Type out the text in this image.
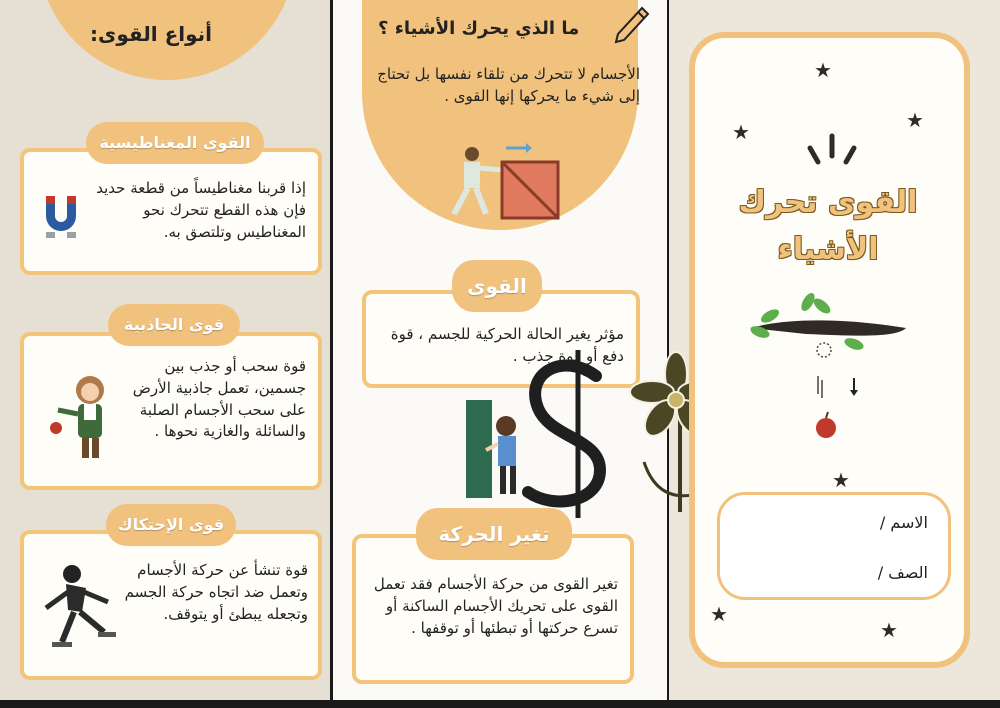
أنواع القوى:
إذا قربنا مغناطيساً من قطعة حديد فإن هذه القطع تتحرك نحو المغناطيس وتلتصق به.
القوى المغناطيسية
قوة سحب أو جذب بين جسمين، تعمل جاذبية الأرض على سحب الأجسام الصلبة والسائلة والغازية نحوها .
قوى الجاذبية
قوة تنشأ عن حركة الأجسام وتعمل ضد اتجاه حركة الجسم وتجعله يبطئ أو يتوقف.
قوى الإحتكاك
ما الذي يحرك الأشياء ؟
الأجسام لا تتحرك من تلقاء نفسها بل تحتاج إلى شيء ما يحركها إنها القوى .
مؤثر يغير الحالة الحركية للجسم ، قوة دفع أو قوة جذب .
القوى
تغير القوى من حركة الأجسام فقد تعمل القوى على تحريك الأجسام الساكنة أو تسرع حركتها أو تبطئها أو توقفها .
تغير الحركة
★
★
★
★
★
★
القوى تحرك
الأشياء
الاسم /
الصف /
